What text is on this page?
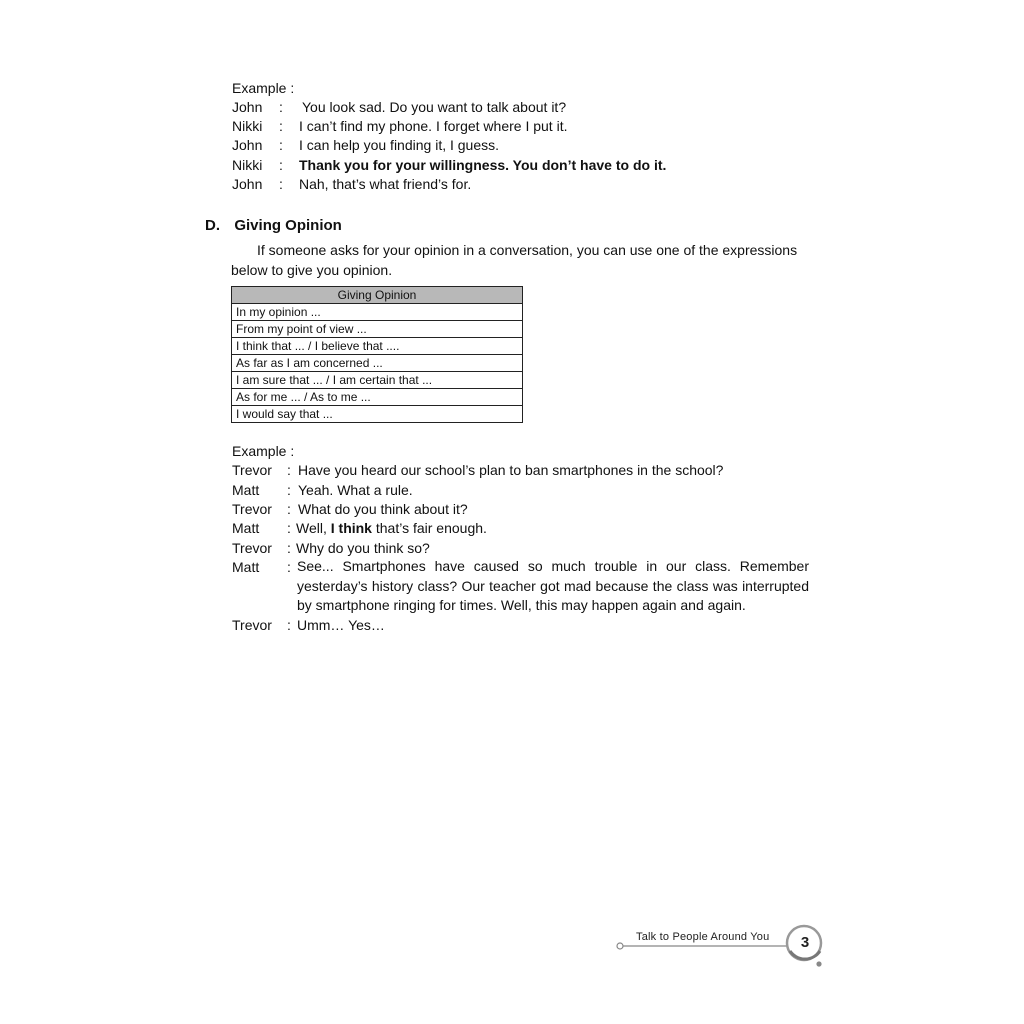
Example :
John : You look sad. Do you want to talk about it?
Nikki : I can’t find my phone. I forget where I put it.
John : I can help you finding it, I guess.
Nikki : Thank you for your willingness. You don’t have to do it.
John : Nah, that’s what friend’s for.
D. Giving Opinion
If someone asks for your opinion in a conversation, you can use one of the expressions
below to give you opinion.
Giving Opinion
In my opinion ...
From my point of view ...
I think that ... / I believe that ....
As far as I am concerned ...
I am sure that ... / I am certain that ...
As for me ... / As to me ...
I would say that ...
Example :
Trevor : Have you heard our school’s plan to ban smartphones in the school?
Matt : Yeah. What a rule.
Trevor : What do you think about it?
Matt : Well, I think that’s fair enough.
Trevor : Why do you think so?
Matt : See... Smartphones have caused so much trouble in our class. Remember
yesterday’s history class? Our teacher got mad because the class was interrupted
by smartphone ringing for times. Well, this may happen again and again.
Trevor : Umm… Yes…
Talk to People Around You	3
